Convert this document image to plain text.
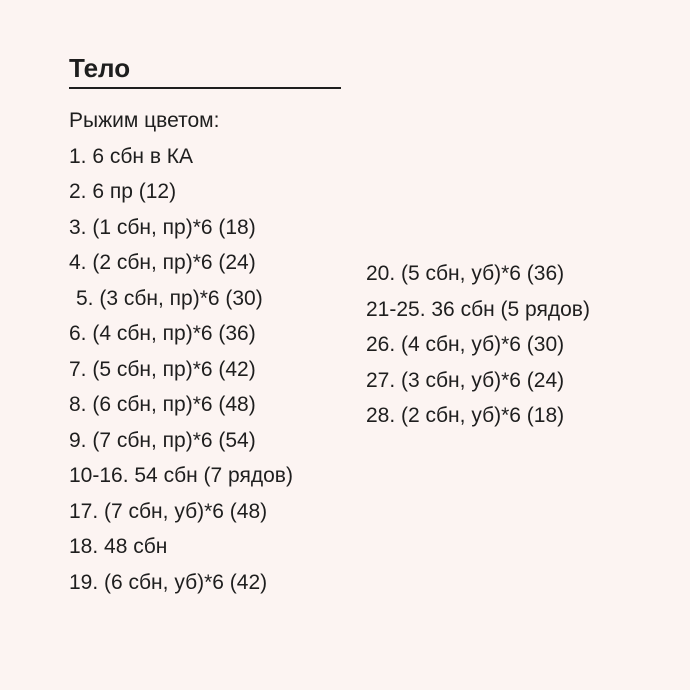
Тело
Рыжим цветом:
1. 6 сбн в КА
2. 6 пр (12)
3. (1 сбн, пр)*6 (18)
4. (2 сбн, пр)*6 (24)
5. (3 сбн, пр)*6 (30)
6. (4 сбн, пр)*6 (36)
7. (5 сбн, пр)*6 (42)
8. (6 сбн, пр)*6 (48)
9. (7 сбн, пр)*6 (54)
10-16. 54 сбн (7 рядов)
17. (7 сбн, уб)*6 (48)
18. 48 сбн
19. (6 сбн, уб)*6 (42)
20. (5 сбн, уб)*6 (36)
21-25. 36 сбн (5 рядов)
26. (4 сбн, уб)*6 (30)
27. (3 сбн, уб)*6 (24)
28. (2 сбн, уб)*6 (18)
